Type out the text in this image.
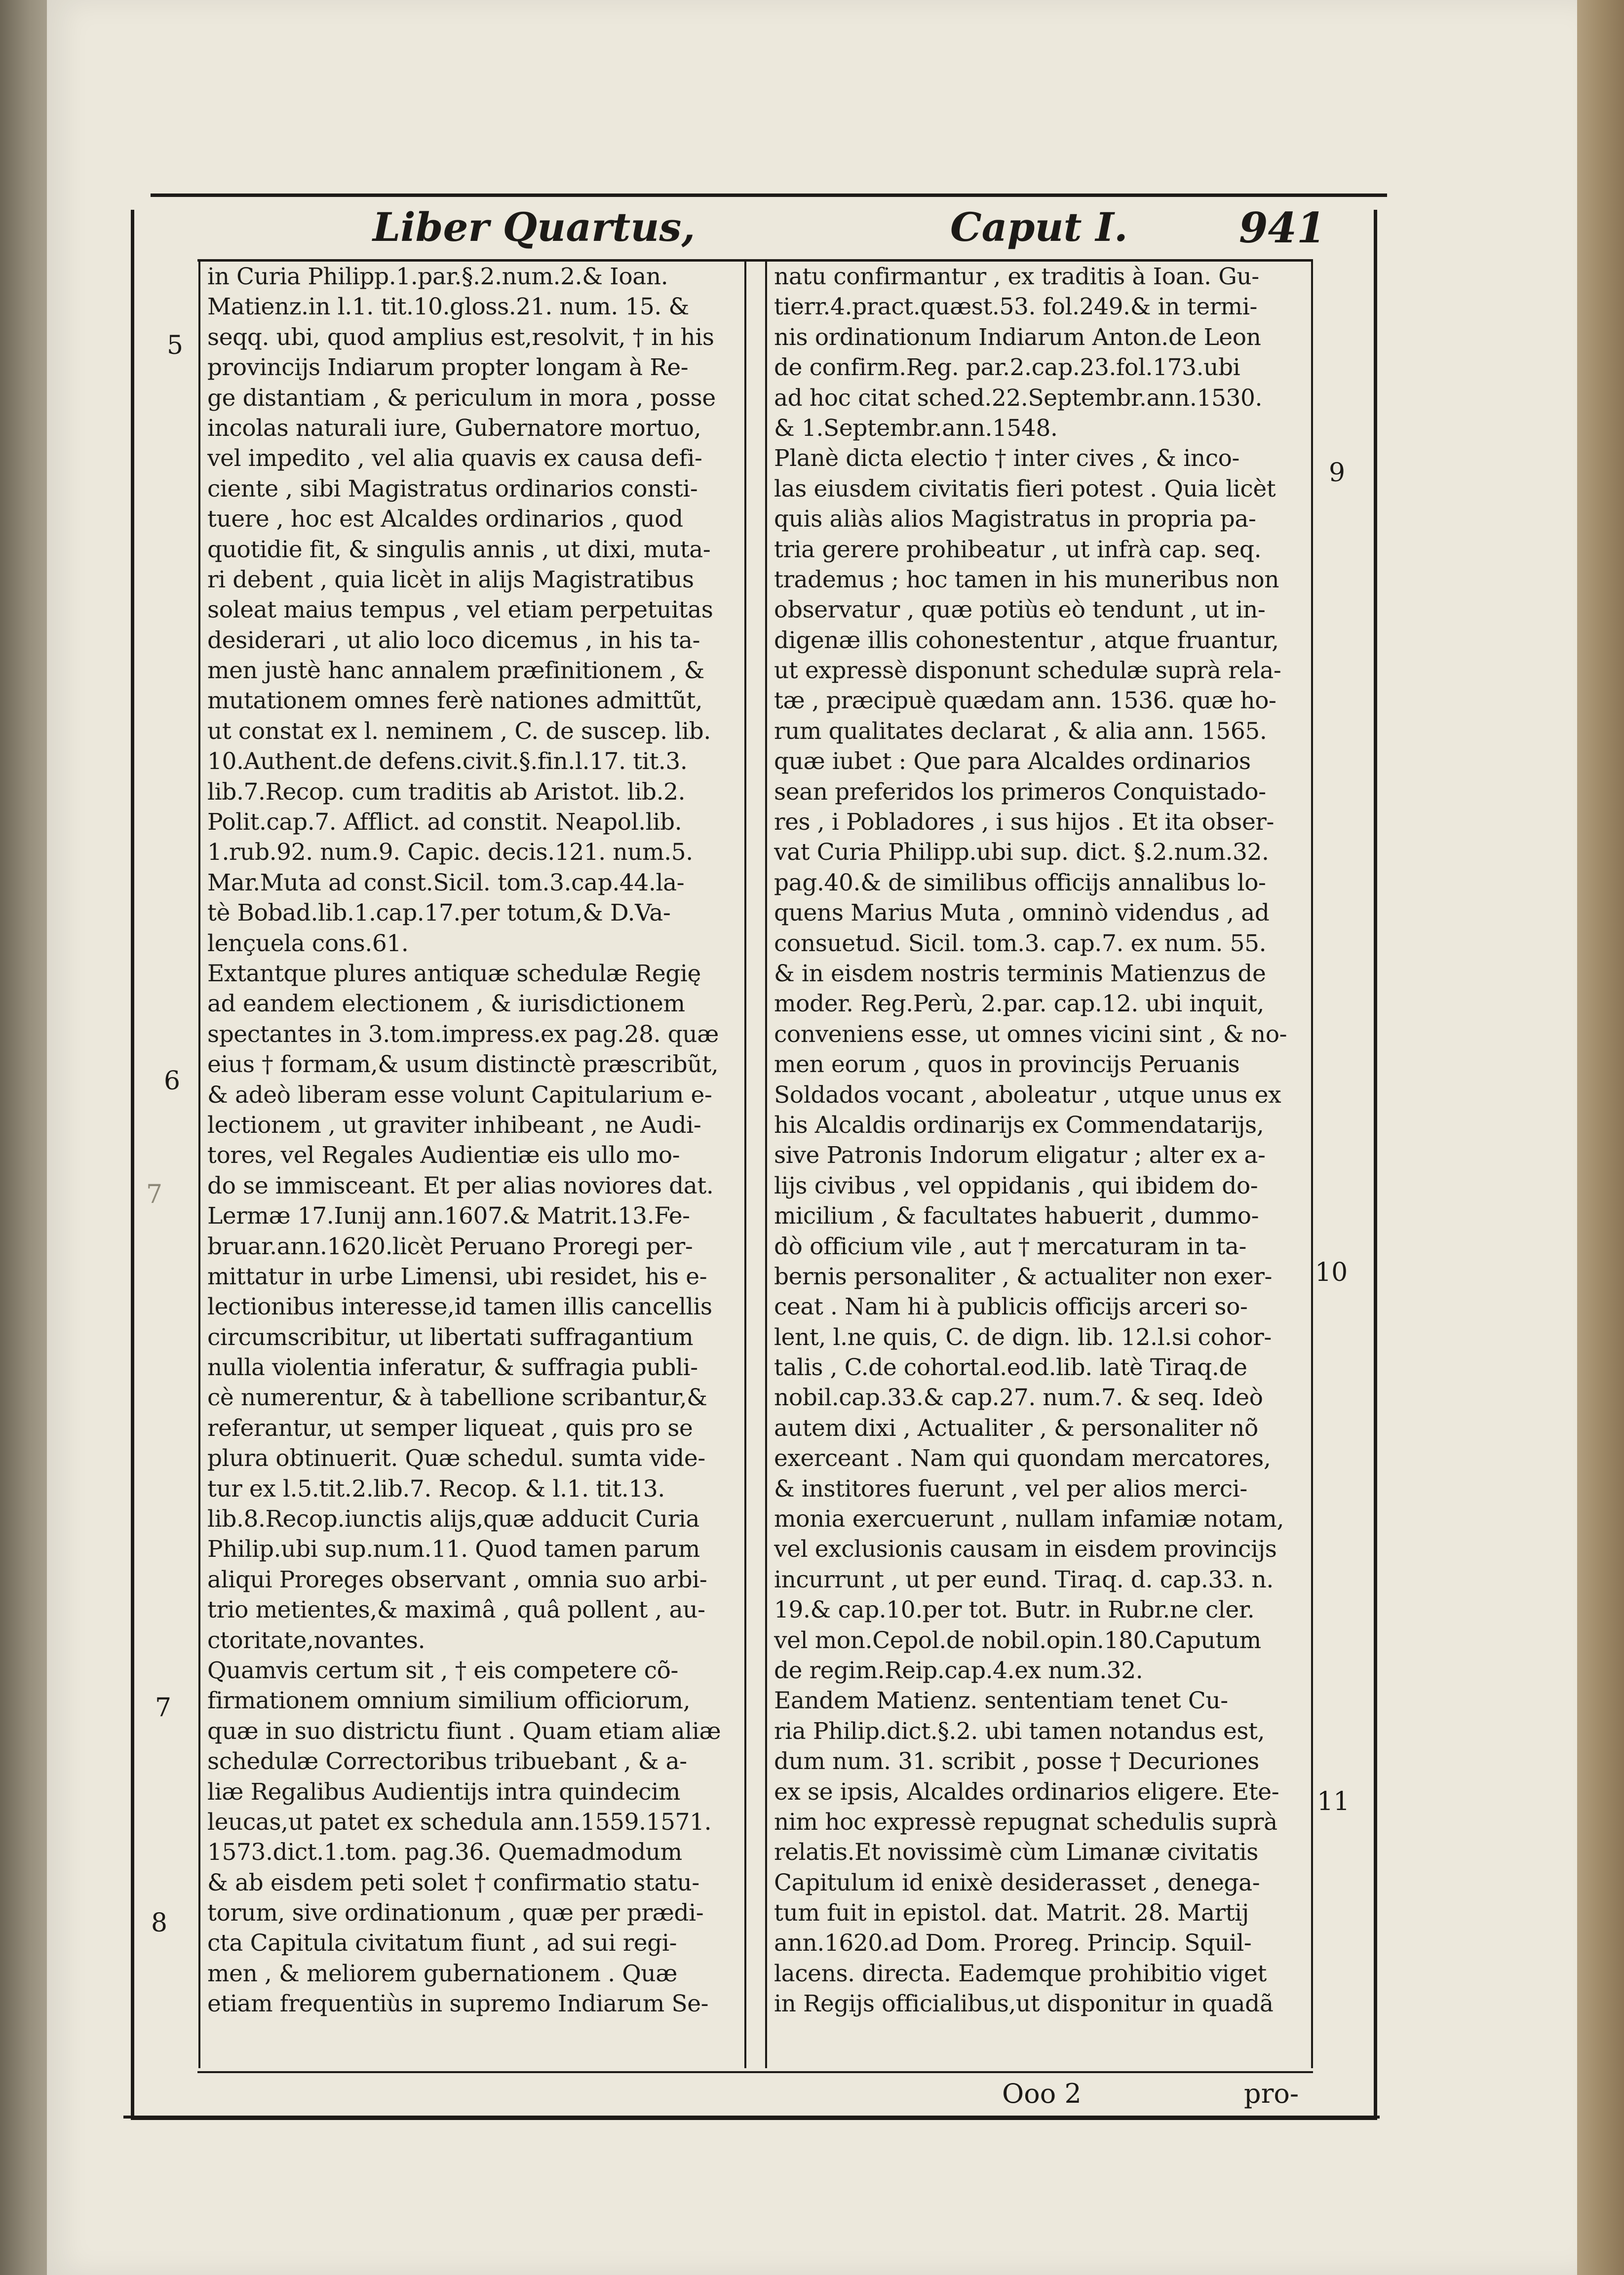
Liber Quartus,	Caput I.	941
in Curia Philipp.1.par.§.2.num.2.& Ioan.
Matienz.in l.1. tit.10.gloss.21. num. 15. &
seqq. ubi, quod amplius est,resolvit, † in his
provincijs Indiarum propter longam à Re-
ge distantiam , & periculum in mora , posse
incolas naturali iure, Gubernatore mortuo,
vel impedito , vel alia quavis ex causa defi-
ciente , sibi Magistratus ordinarios consti-
tuere , hoc est Alcaldes ordinarios , quod
quotidie fit, & singulis annis , ut dixi, muta-
ri debent , quia licèt in alijs Magistratibus
soleat maius tempus , vel etiam perpetuitas
desiderari , ut alio loco dicemus , in his ta-
men justè hanc annalem præfinitionem , &
mutationem omnes ferè nationes admittũt,
ut constat ex l. neminem , C. de suscep. lib.
10.Authent.de defens.civit.§.fin.l.17. tit.3.
lib.7.Recop. cum traditis ab Aristot. lib.2.
Polit.cap.7. Afflict. ad constit. Neapol.lib.
1.rub.92. num.9. Capic. decis.121. num.5.
Mar.Muta ad const.Sicil. tom.3.cap.44.la-
tè Bobad.lib.1.cap.17.per totum,& D.Va-
lençuela cons.61.
Extantque plures antiquæ schedulæ Regię
ad eandem electionem , & iurisdictionem
spectantes in 3.tom.impress.ex pag.28. quæ
eius † formam,& usum distinctè præscribũt,
& adeò liberam esse volunt Capitularium e-
lectionem , ut graviter inhibeant , ne Audi-
tores, vel Regales Audientiæ eis ullo mo-
do se immisceant. Et per alias noviores dat.
Lermæ 17.Iunij ann.1607.& Matrit.13.Fe-
bruar.ann.1620.licèt Peruano Proregi per-
mittatur in urbe Limensi, ubi residet, his e-
lectionibus interesse,id tamen illis cancellis
circumscribitur, ut libertati suffragantium
nulla violentia inferatur, & suffragia publi-
cè numerentur, & à tabellione scribantur,&
referantur, ut semper liqueat , quis pro se
plura obtinuerit. Quæ schedul. sumta vide-
tur ex l.5.tit.2.lib.7. Recop. & l.1. tit.13.
lib.8.Recop.iunctis alijs,quæ adducit Curia
Philip.ubi sup.num.11. Quod tamen parum
aliqui Proreges observant , omnia suo arbi-
trio metientes,& maximâ , quâ pollent , au-
ctoritate,novantes.
Quamvis certum sit , † eis competere cõ-
firmationem omnium similium officiorum,
quæ in suo districtu fiunt . Quam etiam aliæ
schedulæ Correctoribus tribuebant , & a-
liæ Regalibus Audientijs intra quindecim
leucas,ut patet ex schedula ann.1559.1571.
1573.dict.1.tom. pag.36. Quemadmodum
& ab eisdem peti solet † confirmatio statu-
torum, sive ordinationum , quæ per prædi-
cta Capitula civitatum fiunt , ad sui regi-
men , & meliorem gubernationem . Quæ
etiam frequentiùs in supremo Indiarum Se-
natu confirmantur , ex traditis à Ioan. Gu-
tierr.4.pract.quæst.53. fol.249.& in termi-
nis ordinationum Indiarum Anton.de Leon
de confirm.Reg. par.2.cap.23.fol.173.ubi
ad hoc citat sched.22.Septembr.ann.1530.
& 1.Septembr.ann.1548.
Planè dicta electio † inter cives , & inco-
las eiusdem civitatis fieri potest . Quia licèt
quis aliàs alios Magistratus in propria pa-
tria gerere prohibeatur , ut infrà cap. seq.
trademus ; hoc tamen in his muneribus non
observatur , quæ potiùs eò tendunt , ut in-
digenæ illis cohonestentur , atque fruantur,
ut expressè disponunt schedulæ suprà rela-
tæ , præcipuè quædam ann. 1536. quæ ho-
rum qualitates declarat , & alia ann. 1565.
quæ iubet : Que para Alcaldes ordinarios
sean preferidos los primeros Conquistado-
res , i Pobladores , i sus hijos . Et ita obser-
vat Curia Philipp.ubi sup. dict. §.2.num.32.
pag.40.& de similibus officijs annalibus lo-
quens Marius Muta , omninò videndus , ad
consuetud. Sicil. tom.3. cap.7. ex num. 55.
& in eisdem nostris terminis Matienzus de
moder. Reg.Perù, 2.par. cap.12. ubi inquit,
conveniens esse, ut omnes vicini sint , & no-
men eorum , quos in provincijs Peruanis
Soldados vocant , aboleatur , utque unus ex
his Alcaldis ordinarijs ex Commendatarijs,
sive Patronis Indorum eligatur ; alter ex a-
lijs civibus , vel oppidanis , qui ibidem do-
micilium , & facultates habuerit , dummo-
dò officium vile , aut † mercaturam in ta-
bernis personaliter , & actualiter non exer-
ceat . Nam hi à publicis officijs arceri so-
lent, l.ne quis, C. de dign. lib. 12.l.si cohor-
talis , C.de cohortal.eod.lib. latè Tiraq.de
nobil.cap.33.& cap.27. num.7. & seq. Ideò
autem dixi , Actualiter , & personaliter nõ
exerceant . Nam qui quondam mercatores,
& institores fuerunt , vel per alios merci-
monia exercuerunt , nullam infamiæ notam,
vel exclusionis causam in eisdem provincijs
incurrunt , ut per eund. Tiraq. d. cap.33. n.
19.& cap.10.per tot. Butr. in Rubr.ne cler.
vel mon.Cepol.de nobil.opin.180.Caputum
de regim.Reip.cap.4.ex num.32.
Eandem Matienz. sententiam tenet Cu-
ria Philip.dict.§.2. ubi tamen notandus est,
dum num. 31. scribit , posse † Decuriones
ex se ipsis, Alcaldes ordinarios eligere. Ete-
nim hoc expressè repugnat schedulis suprà
relatis.Et novissimè cùm Limanæ civitatis
Capitulum id enixè desiderasset , denega-
tum fuit in epistol. dat. Matrit. 28. Martij
ann.1620.ad Dom. Proreg. Princip. Squil-
lacens. directa. Eademque prohibitio viget
in Regijs officialibus,ut disponitur in quadã
5
6
7
7
8
9
10
11
Ooo 2	pro-
